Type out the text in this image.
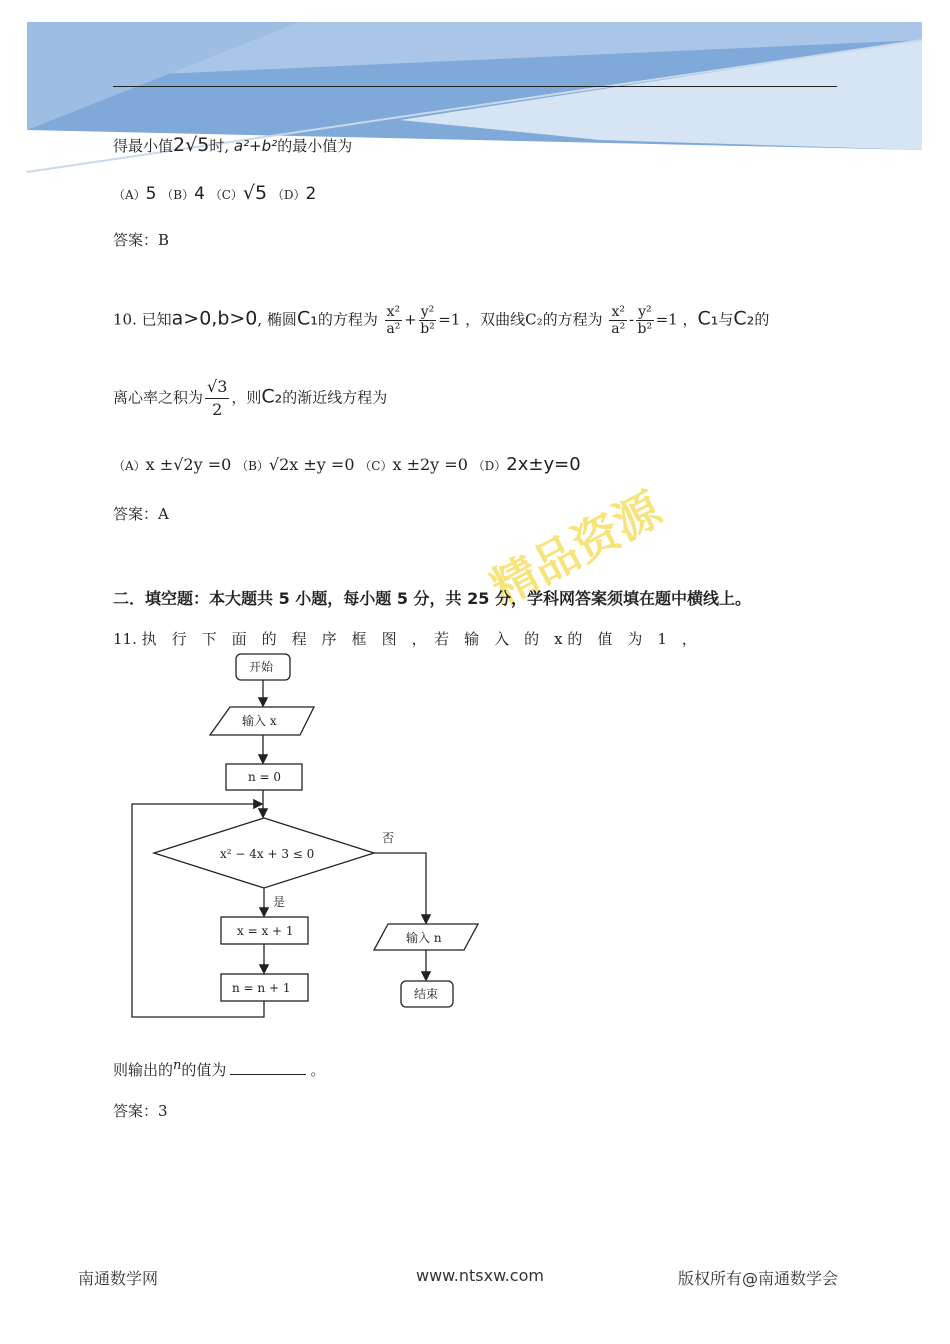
得最小值2√5时, a²+b²的最小值为
（A）5 （B）4 （C）√5 （D）2
答案：B
10. 已知a>0,b>0, 椭圆C₁的方程为 $\frac{\text{x²}}{\text{a²}} + \frac{\text{y²}}{\text{b²}} =1$ ，双曲线C₂的方程为 $\frac{\text{x²}}{\text{a²}} - \frac{\text{y²}}{\text{b²}} =1$ ，C₁与C₂的
离心率之积为 $\frac{√3}{2}$ ，则C₂的渐近线方程为
（A）x ±√2y =0 （B）√2x ±y =0 （C）x ±2y =0 （D）2x±y=0
答案：A	精品资源
二．填空题：本大题共 5 小题，每小题 5 分，共 25 分，学科网答案须填在题中横线上。
11. 执　行　下　面　的　程　序　框　图　，　若　输　入　的　x 的　值　为　1　，
开始
输入 x
n = 0
x² − 4x + 3 ≤ 0
是
否
x = x + 1
n = n + 1
输入 n
结束
则输出的n的值为	。
答案：3
南通数学网	www.ntsxw.com	版权所有@南通数学会
